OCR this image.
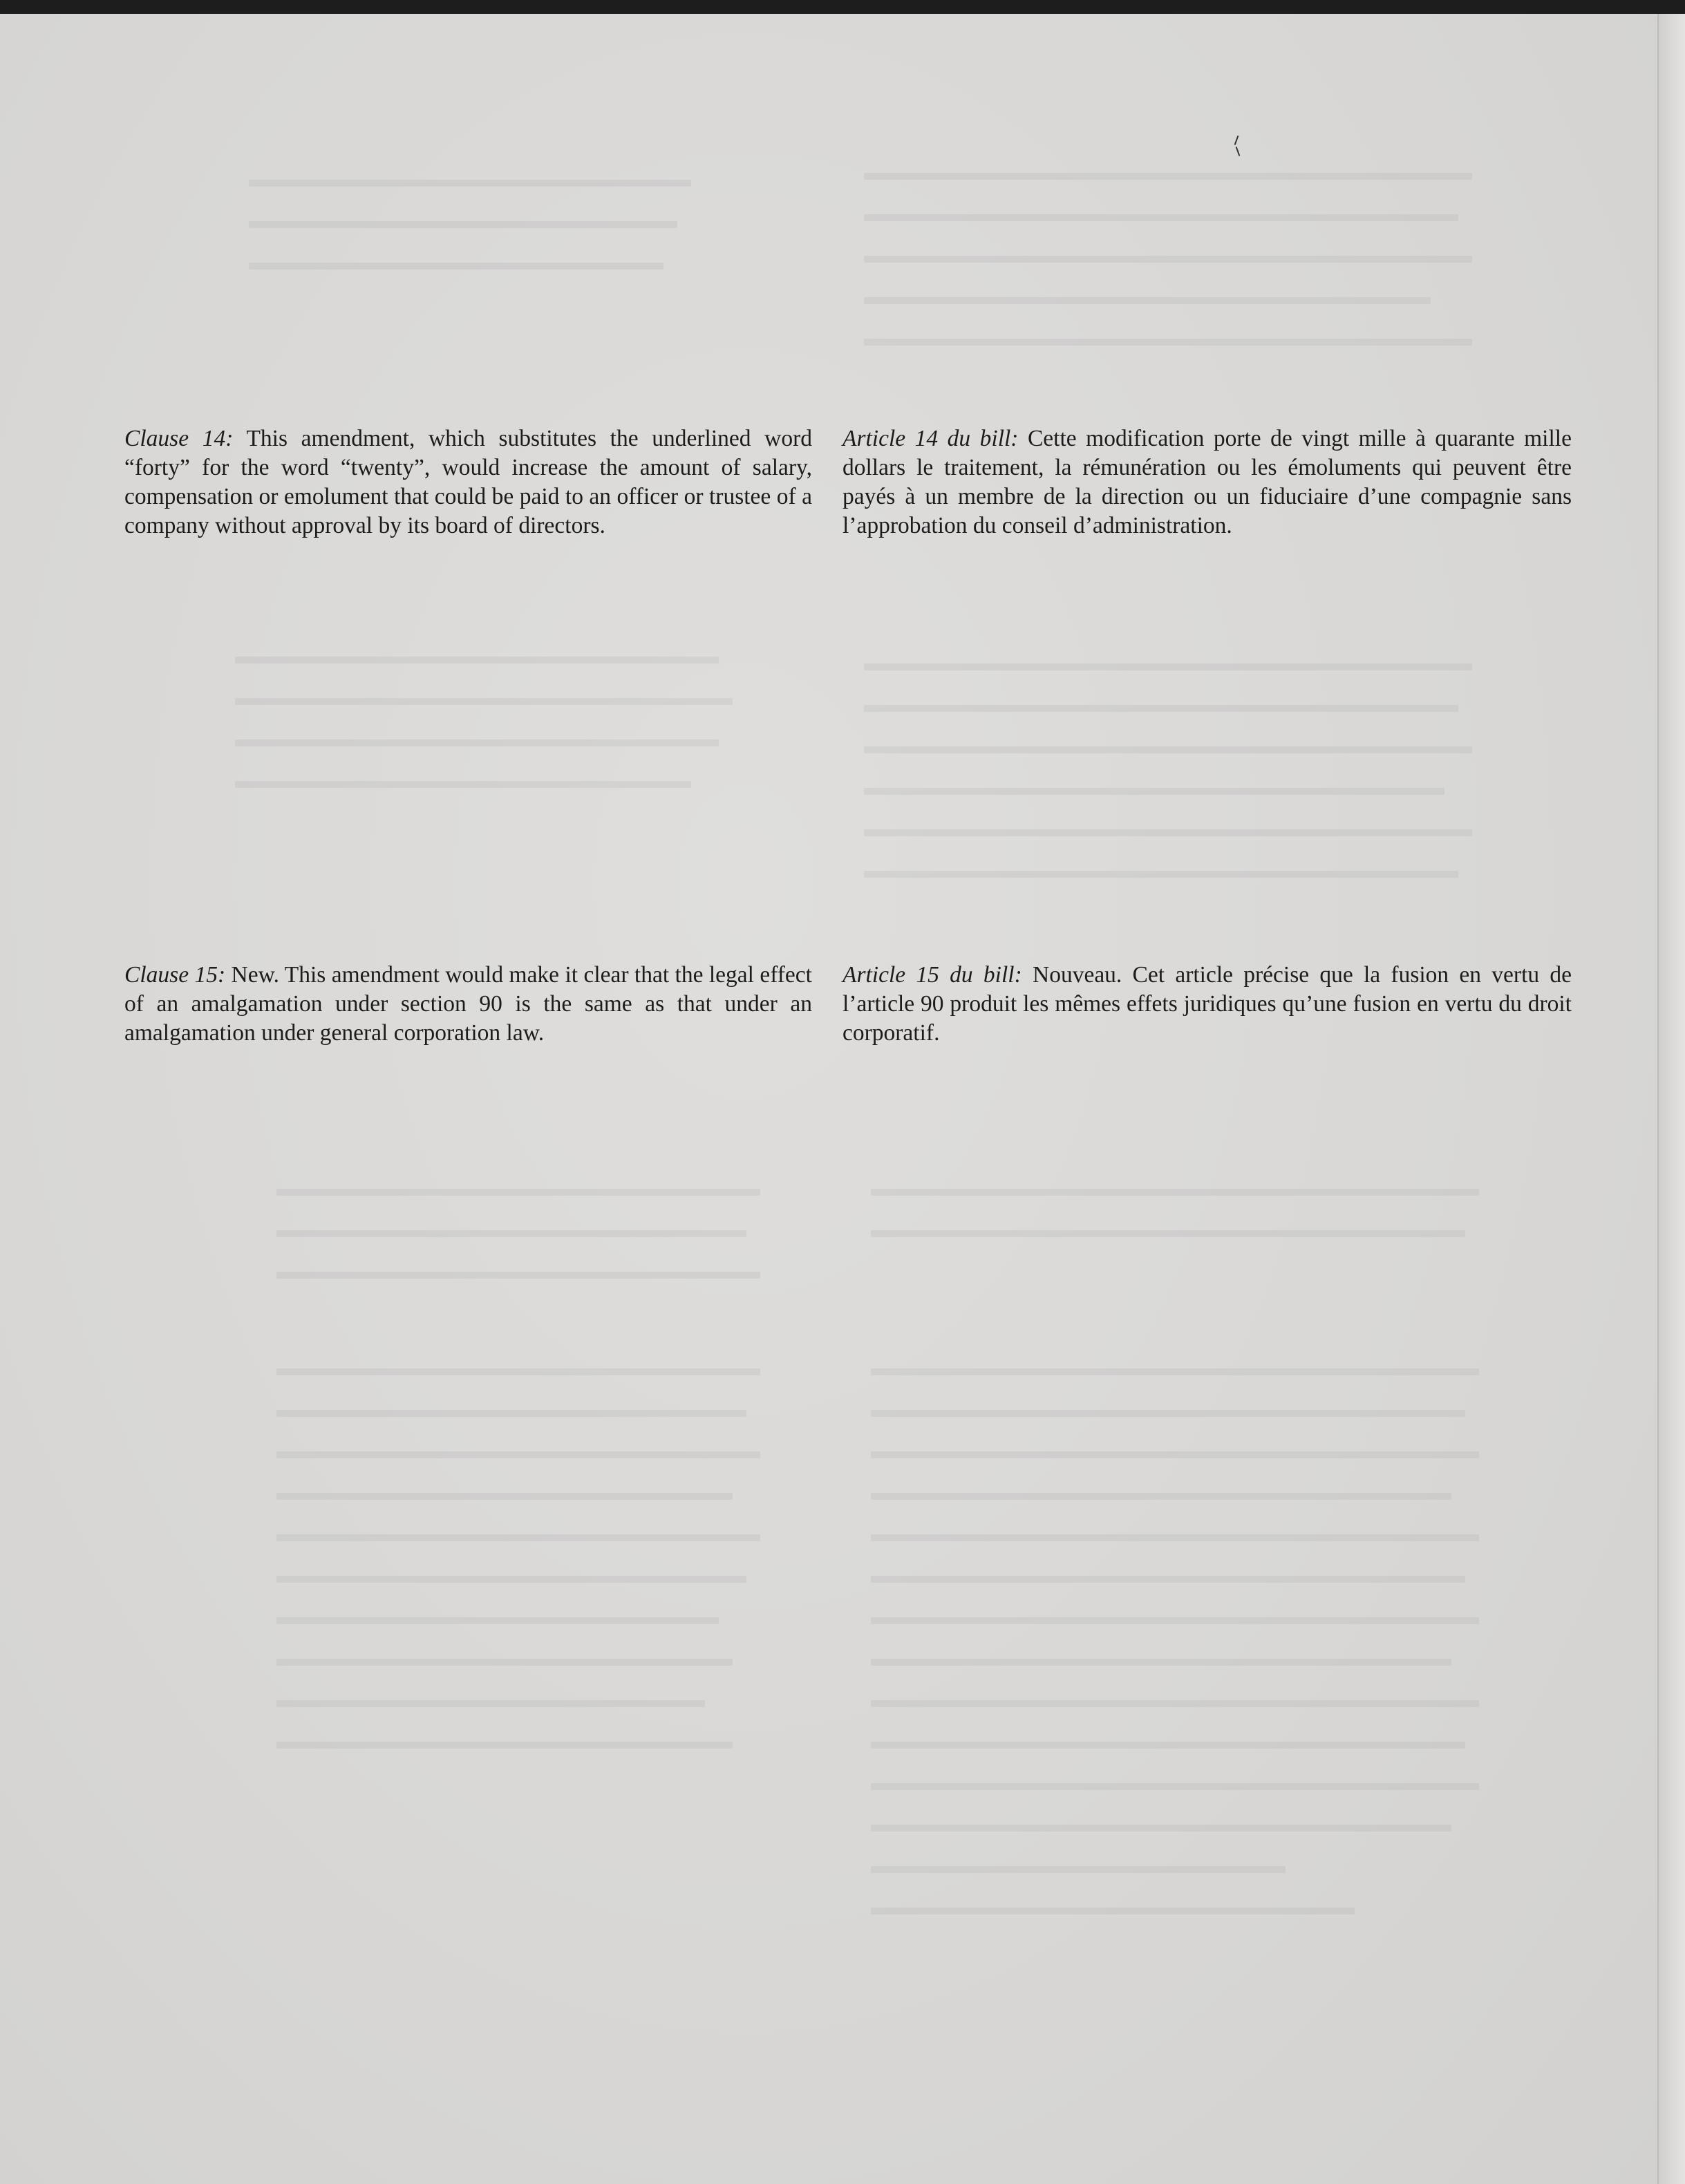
Clause 14: This amendment, which substitutes the underlined word “forty” for the word “twenty”, would increase the amount of salary, compensation or emolument that could be paid to an officer or trustee of a company without approval by its board of directors.
Article 14 du bill: Cette modification porte de vingt mille à quarante mille dollars le traitement, la rémunération ou les émoluments qui peuvent être payés à un membre de la direction ou un fiduciaire d’une compagnie sans l’approbation du conseil d’administration.
Clause 15: New. This amendment would make it clear that the legal effect of an amalgamation under section 90 is the same as that under an amalgamation under general corporation law.
Article 15 du bill: Nouveau. Cet article précise que la fusion en vertu de l’article 90 produit les mêmes effets juridiques qu’une fusion en vertu du droit corporatif.
